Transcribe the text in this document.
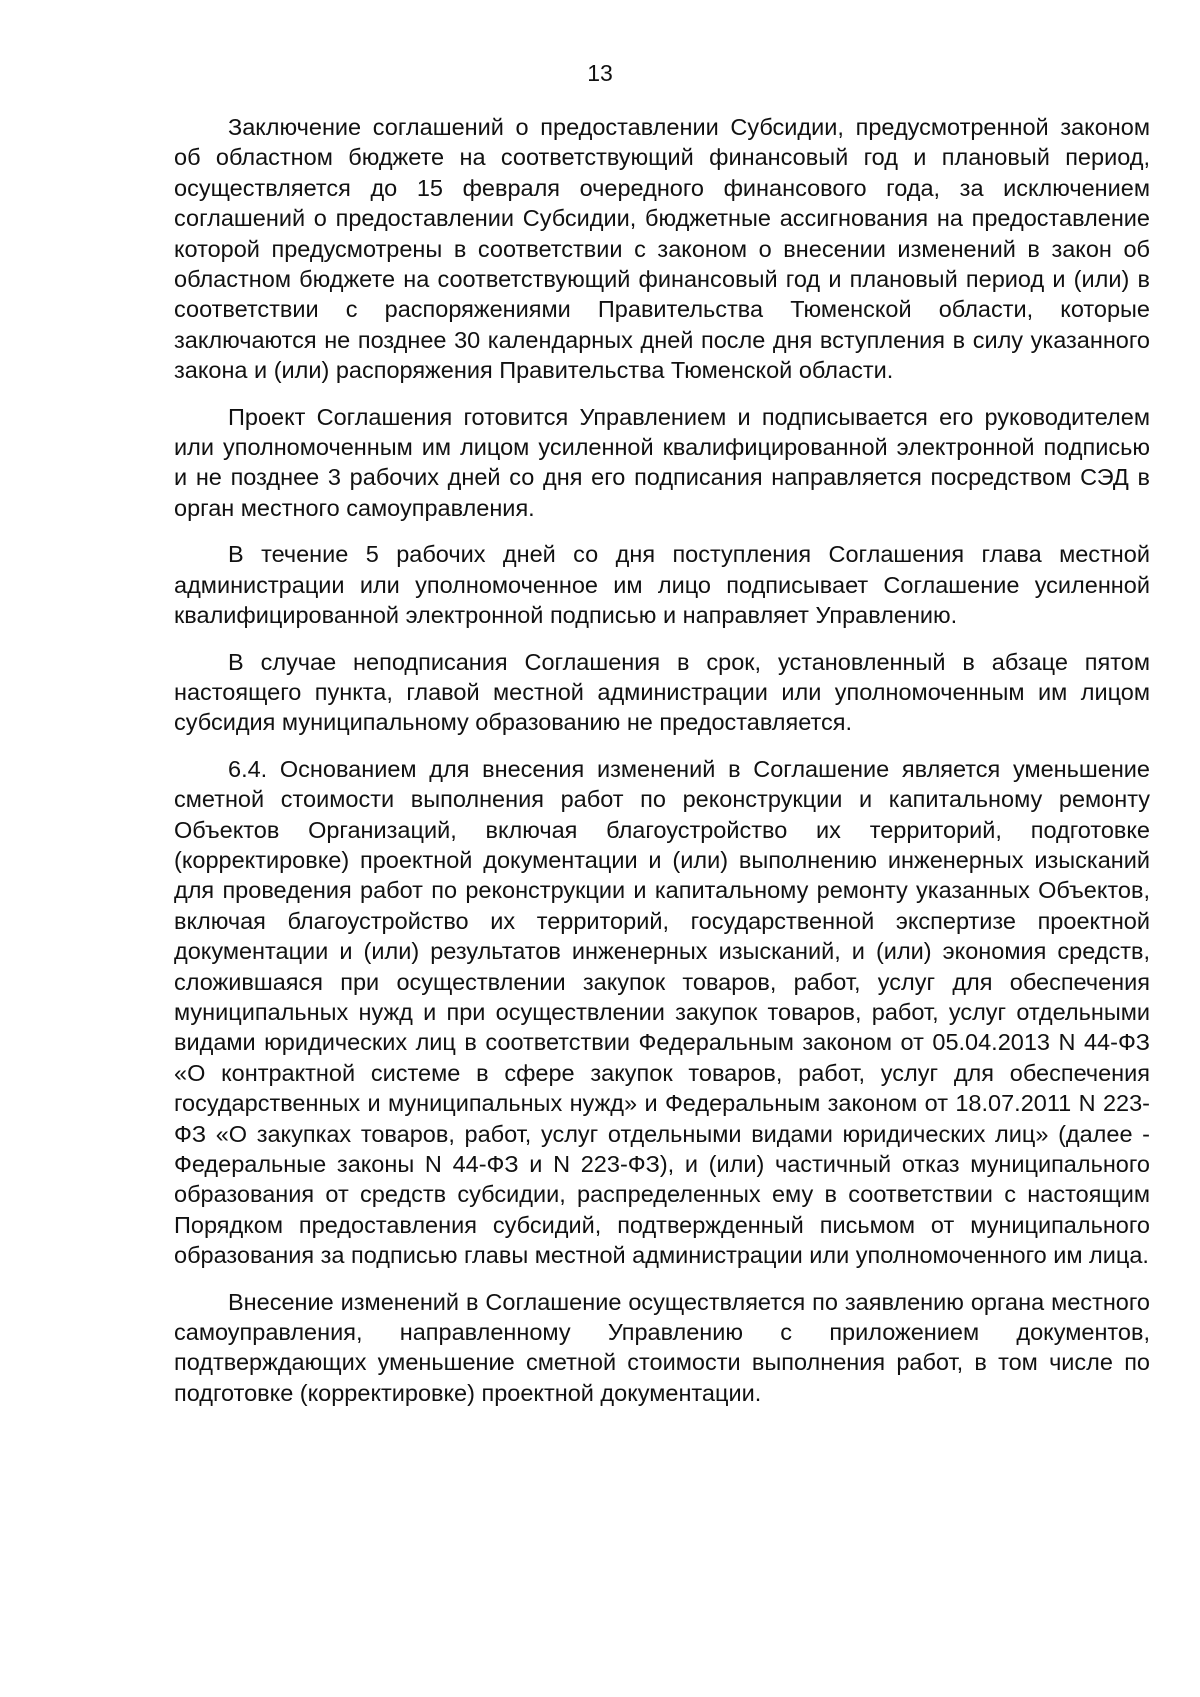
13

Заключение соглашений о предоставлении Субсидии, предусмотренной законом об областном бюджете на соответствующий финансовый год и плановый период, осуществляется до 15 февраля очередного финансового года, за исключением соглашений о предоставлении Субсидии, бюджетные ассигнования на предоставление которой предусмотрены в соответствии с законом о внесении изменений в закон об областном бюджете на соответствующий финансовый год и плановый период и (или) в соответствии с распоряжениями Правительства Тюменской области, которые заключаются не позднее 30 календарных дней после дня вступления в силу указанного закона и (или) распоряжения Правительства Тюменской области.

Проект Соглашения готовится Управлением и подписывается его руководителем или уполномоченным им лицом усиленной квалифицированной электронной подписью и не позднее 3 рабочих дней со дня его подписания направляется посредством СЭД в орган местного самоуправления.

В течение 5 рабочих дней со дня поступления Соглашения глава местной администрации или уполномоченное им лицо подписывает Соглашение усиленной квалифицированной электронной подписью и направляет Управлению.

В случае неподписания Соглашения в срок, установленный в абзаце пятом настоящего пункта, главой местной администрации или уполномоченным им лицом субсидия муниципальному образованию не предоставляется.

6.4. Основанием для внесения изменений в Соглашение является уменьшение сметной стоимости выполнения работ по реконструкции и капитальному ремонту Объектов Организаций, включая благоустройство их территорий, подготовке (корректировке) проектной документации и (или) выполнению инженерных изысканий для проведения работ по реконструкции и капитальному ремонту указанных Объектов, включая благоустройство их территорий, государственной экспертизе проектной документации и (или) результатов инженерных изысканий, и (или) экономия средств, сложившаяся при осуществлении закупок товаров, работ, услуг для обеспечения муниципальных нужд и при осуществлении закупок товаров, работ, услуг отдельными видами юридических лиц в соответствии Федеральным законом от 05.04.2013 N 44-ФЗ «О контрактной системе в сфере закупок товаров, работ, услуг для обеспечения государственных и муниципальных нужд» и Федеральным законом от 18.07.2011 N 223-ФЗ «О закупках товаров, работ, услуг отдельными видами юридических лиц» (далее - Федеральные законы N 44-ФЗ и N 223-ФЗ), и (или) частичный отказ муниципального образования от средств субсидии, распределенных ему в соответствии с настоящим Порядком предоставления субсидий, подтвержденный письмом от муниципального образования за подписью главы местной администрации или уполномоченного им лица.

Внесение изменений в Соглашение осуществляется по заявлению органа местного самоуправления, направленному Управлению с приложением документов, подтверждающих уменьшение сметной стоимости выполнения работ, в том числе по подготовке (корректировке) проектной документации.
